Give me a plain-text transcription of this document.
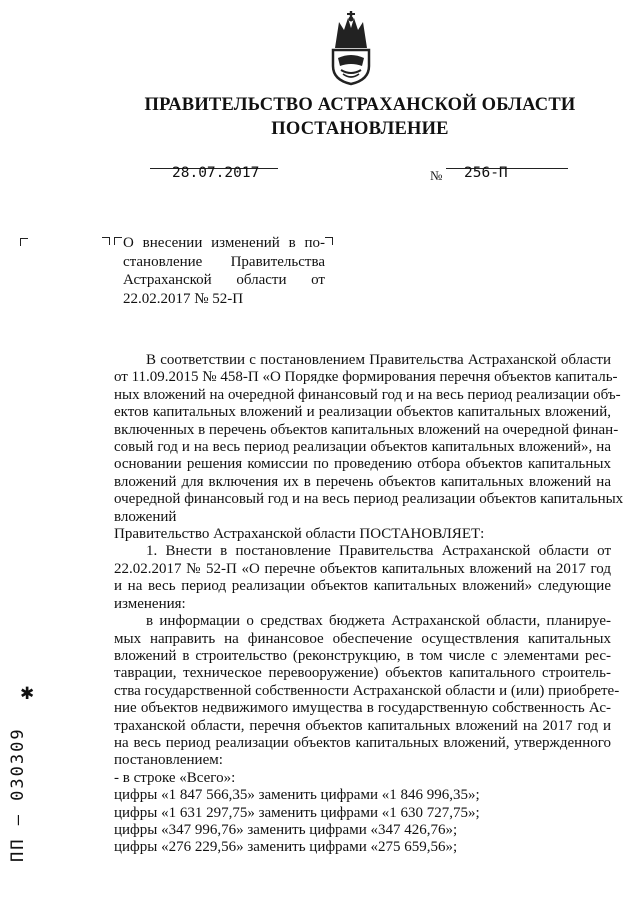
ПРАВИТЕЛЬСТВО АСТРАХАНСКОЙ ОБЛАСТИ
ПОСТАНОВЛЕНИЕ
28.07.2017	№ 256-П
О внесении изменений в по-
становление Правительства
Астраханской области от
22.02.2017 № 52-П
В соответствии с постановлением Правительства Астраханской области
от 11.09.2015 № 458-П «О Порядке формирования перечня объектов капиталь-
ных вложений на очередной финансовый год и на весь период реализации объ-
ектов капитальных вложений и реализации объектов капитальных вложений,
включенных в перечень объектов капитальных вложений на очередной финан-
совый год и на весь период реализации объектов капитальных вложений», на
основании решения комиссии по проведению отбора объектов капитальных
вложений для включения их в перечень объектов капитальных вложений на
очередной финансовый год и на весь период реализации объектов капитальных
вложений
Правительство Астраханской области ПОСТАНОВЛЯЕТ:
1. Внести в постановление Правительства Астраханской области от
22.02.2017 № 52-П «О перечне объектов капитальных вложений на 2017 год
и на весь период реализации объектов капитальных вложений» следующие
изменения:
в информации о средствах бюджета Астраханской области, планируе-
мых направить на финансовое обеспечение осуществления капитальных
вложений в строительство (реконструкцию, в том числе с элементами рес-
таврации, техническое перевооружение) объектов капитального строитель-
ства государственной собственности Астраханской области и (или) приобрете-
ние объектов недвижимого имущества в государственную собственность Ас-
траханской области, перечня объектов капитальных вложений на 2017 год и
на весь период реализации объектов капитальных вложений, утвержденного
постановлением:
- в строке «Всего»:
цифры «1 847 566,35» заменить цифрами «1 846 996,35»;
цифры «1 631 297,75» заменить цифрами «1 630 727,75»;
цифры «347 996,76» заменить цифрами «347 426,76»;
цифры «276 229,56» заменить цифрами «275 659,56»;
✱
ПП – 030309
